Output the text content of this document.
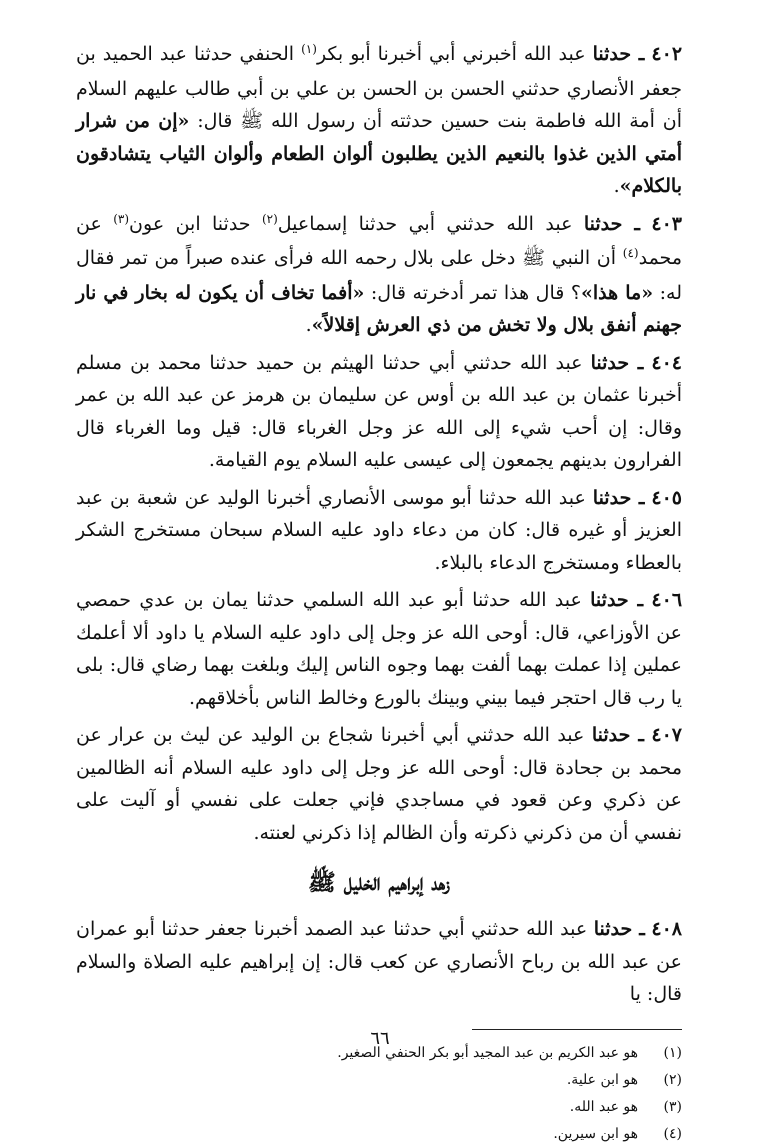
٤٠٢ ـ حدثنا عبد الله أخبرني أبي أخبرنا أبو بكر$^{(١)}$ الحنفي حدثنا عبد الحميد بن جعفر الأنصاري حدثني الحسن بن الحسن بن علي بن أبي طالب عليهم السلام أن أمة الله فاطمة بنت حسين حدثته أن رسول الله ﷺ قال: «إن من شرار أمتي الذين غذوا بالنعيم الذين يطلبون ألوان الطعام وألوان الثياب يتشادقون بالكلام».

٤٠٣ ـ حدثنا عبد الله حدثني أبي حدثنا إسماعيل$^{(٢)}$ حدثنا ابن عون$^{(٣)}$ عن محمد$^{(٤)}$ أن النبي ﷺ دخل على بلال رحمه الله فرأى عنده صبراً من تمر فقال له: «ما هذا»؟ قال هذا تمر أدخرته قال: «أفما تخاف أن يكون له بخار في نار جهنم أنفق بلال ولا تخش من ذي العرش إقلالاً».

٤٠٤ ـ حدثنا عبد الله حدثني أبي حدثنا الهيثم بن حميد حدثنا محمد بن مسلم أخبرنا عثمان بن عبد الله بن أوس عن سليمان بن هرمز عن عبد الله بن عمر وقال: إن أحب شيء إلى الله عز وجل الغرباء قال: قيل وما الغرباء قال الفرارون بدينهم يجمعون إلى عيسى عليه السلام يوم القيامة.

٤٠٥ ـ حدثنا عبد الله حدثنا أبو موسى الأنصاري أخبرنا الوليد عن شعبة بن عبد العزيز أو غيره قال: كان من دعاء داود عليه السلام سبحان مستخرج الشكر بالعطاء ومستخرج الدعاء بالبلاء.

٤٠٦ ـ حدثنا عبد الله حدثنا أبو عبد الله السلمي حدثنا يمان بن عدي حمصي عن الأوزاعي، قال: أوحى الله عز وجل إلى داود عليه السلام يا داود ألا أعلمك عملين إذا عملت بهما ألفت بهما وجوه الناس إليك وبلغت بهما رضاي قال: بلى يا رب قال احتجر فيما بيني وبينك بالورع وخالط الناس بأخلاقهم.

٤٠٧ ـ حدثنا عبد الله حدثني أبي أخبرنا شجاع بن الوليد عن ليث بن عرار عن محمد بن جحادة قال: أوحى الله عز وجل إلى داود عليه السلام أنه الظالمين عن ذكري وعن قعود في مساجدي فإني جعلت على نفسي أو آليت على نفسي أن من ذكرني ذكرته وأن الظالم إذا ذكرني لعنته.

زهد إبراهيم الخليل ﷺ

٤٠٨ ـ حدثنا عبد الله حدثني أبي حدثنا عبد الصمد أخبرنا جعفر حدثنا أبو عمران عن عبد الله بن رباح الأنصاري عن كعب قال: إن إبراهيم عليه الصلاة والسلام قال: يا

(١)
هو عبد الكريم بن عبد المجيد أبو بكر الحنفي الصغير.
(٢)
هو ابن علية.
(٣)
هو عبد الله.
(٤)
هو ابن سيرين.
٦٦
